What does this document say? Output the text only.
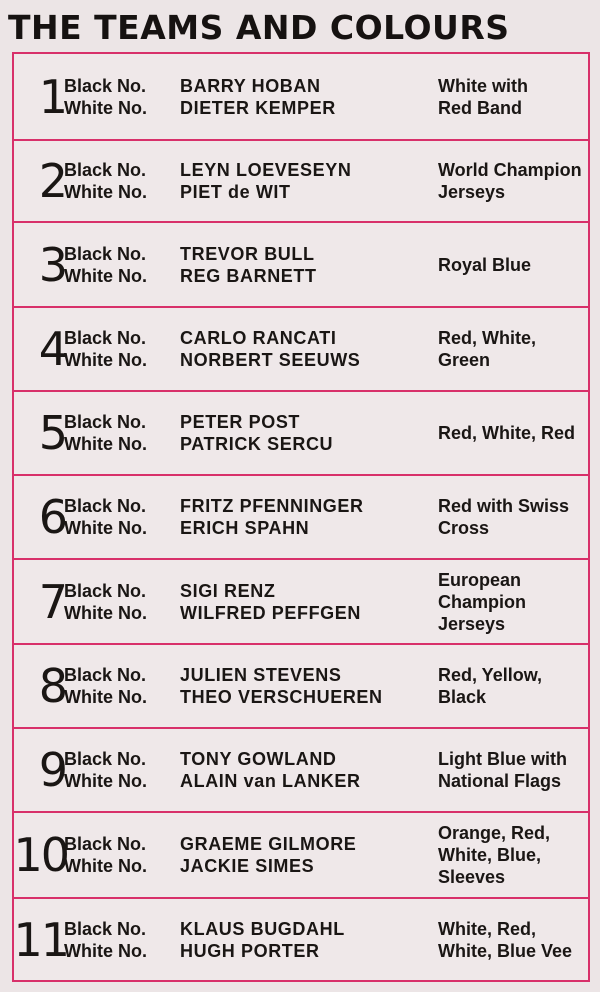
THE TEAMS AND COLOURS
1
Black No.
White No.
BARRY HOBAN
DIETER KEMPER
White with
Red Band
2
Black No.
White No.
LEYN LOEVESEYN
PIET de WIT
World Champion
Jerseys
3
Black No.
White No.
TREVOR BULL
REG BARNETT
Royal Blue
4
Black No.
White No.
CARLO RANCATI
NORBERT SEEUWS
Red, White,
Green
5
Black No.
White No.
PETER POST
PATRICK SERCU
Red, White, Red
6
Black No.
White No.
FRITZ PFENNINGER
ERICH SPAHN
Red with Swiss
Cross
7
Black No.
White No.
SIGI RENZ
WILFRED PEFFGEN
European
Champion
Jerseys
8
Black No.
White No.
JULIEN STEVENS
THEO VERSCHUEREN
Red, Yellow,
Black
9
Black No.
White No.
TONY GOWLAND
ALAIN van LANKER
Light Blue with
National Flags
10
Black No.
White No.
GRAEME GILMORE
JACKIE SIMES
Orange, Red,
White, Blue,
Sleeves
11
Black No.
White No.
KLAUS BUGDAHL
HUGH PORTER
White, Red,
White, Blue Vee
